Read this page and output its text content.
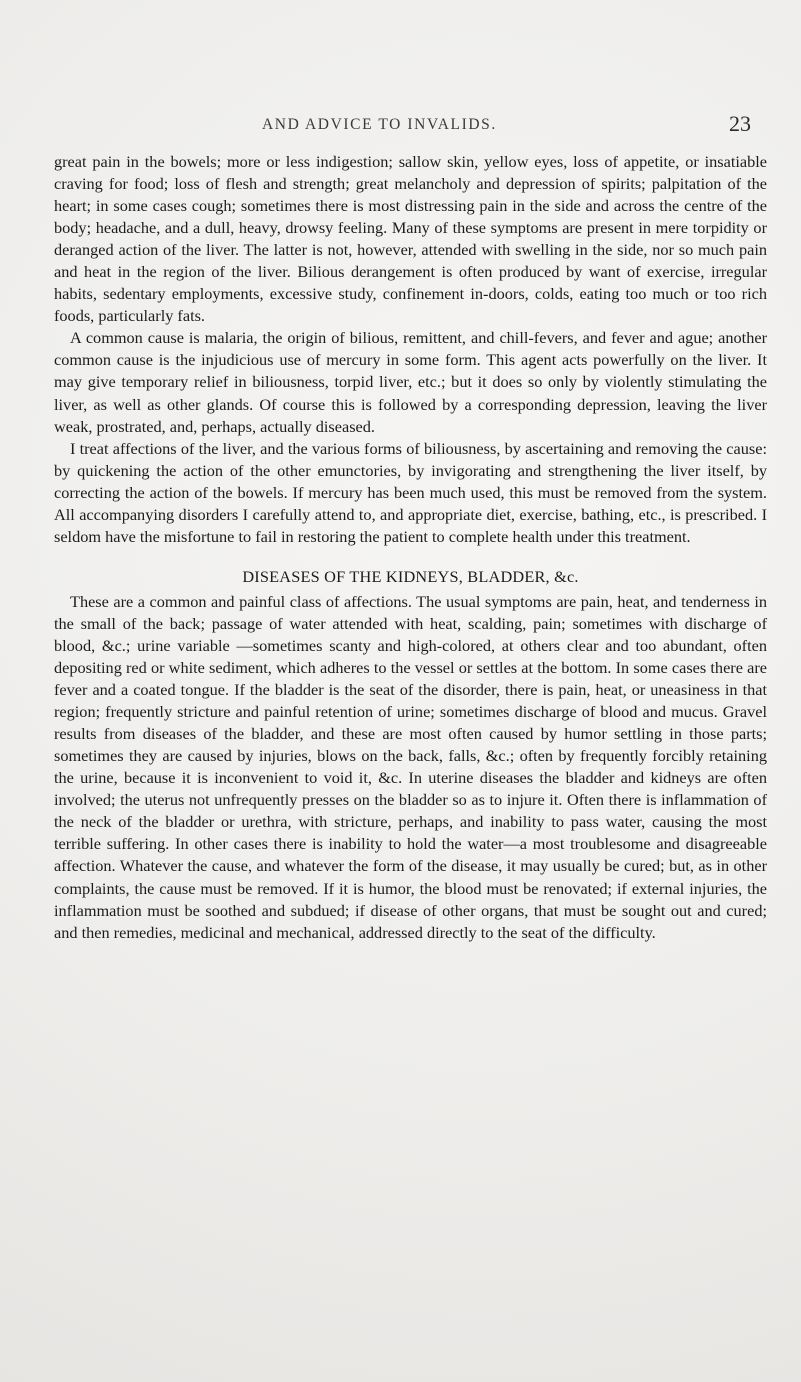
AND ADVICE TO INVALIDS.	23

great pain in the bowels; more or less indigestion; sallow skin, yellow eyes, loss of appetite, or insatiable craving for food; loss of flesh and strength; great melancholy and depression of spirits; palpitation of the heart; in some cases cough; sometimes there is most distressing pain in the side and across the centre of the body; headache, and a dull, heavy, drowsy feeling. Many of these symptoms are present in mere torpidity or deranged action of the liver. The latter is not, however, attended with swelling in the side, nor so much pain and heat in the region of the liver. Bilious derangement is often produced by want of exercise, irregular habits, sedentary employments, excessive study, confinement in-doors, colds, eating too much or too rich foods, particularly fats.

A common cause is malaria, the origin of bilious, remittent, and chill-fevers, and fever and ague; another common cause is the injudicious use of mercury in some form. This agent acts powerfully on the liver. It may give temporary relief in biliousness, torpid liver, etc.; but it does so only by violently stimulating the liver, as well as other glands. Of course this is followed by a corresponding depression, leaving the liver weak, prostrated, and, perhaps, actually diseased.

I treat affections of the liver, and the various forms of biliousness, by ascertaining and removing the cause: by quickening the action of the other emunctories, by invigorating and strengthening the liver itself, by correcting the action of the bowels. If mercury has been much used, this must be removed from the system. All accompanying disorders I carefully attend to, and appropriate diet, exercise, bathing, etc., is prescribed. I seldom have the misfortune to fail in restoring the patient to complete health under this treatment.

DISEASES OF THE KIDNEYS, BLADDER, &c.

These are a common and painful class of affections. The usual symptoms are pain, heat, and tenderness in the small of the back; passage of water attended with heat, scalding, pain; sometimes with discharge of blood, &c.; urine variable —sometimes scanty and high-colored, at others clear and too abundant, often depositing red or white sediment, which adheres to the vessel or settles at the bottom. In some cases there are fever and a coated tongue. If the bladder is the seat of the disorder, there is pain, heat, or uneasiness in that region; frequently stricture and painful retention of urine; sometimes discharge of blood and mucus. Gravel results from diseases of the bladder, and these are most often caused by humor settling in those parts; sometimes they are caused by injuries, blows on the back, falls, &c.; often by frequently forcibly retaining the urine, because it is inconvenient to void it, &c. In uterine diseases the bladder and kidneys are often involved; the uterus not unfrequently presses on the bladder so as to injure it. Often there is inflammation of the neck of the bladder or urethra, with stricture, perhaps, and inability to pass water, causing the most terrible suffering. In other cases there is inability to hold the water—a most troublesome and disagreeable affection. Whatever the cause, and whatever the form of the disease, it may usually be cured; but, as in other complaints, the cause must be removed. If it is humor, the blood must be renovated; if external injuries, the inflammation must be soothed and subdued; if disease of other organs, that must be sought out and cured; and then remedies, medicinal and mechanical, addressed directly to the seat of the difficulty.
